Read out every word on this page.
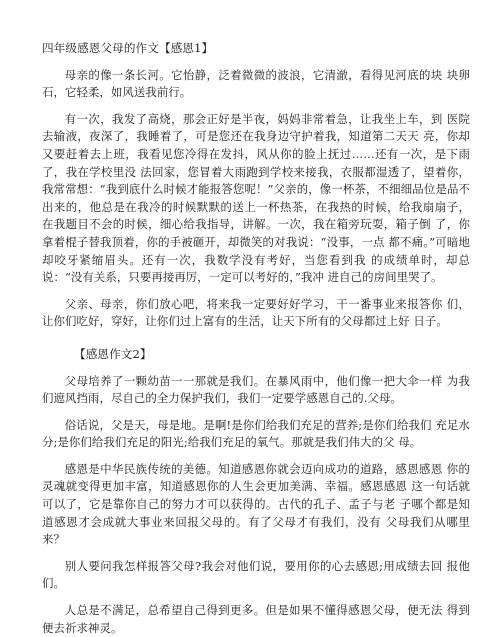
四年级感恩父母的作文【感恩1】

母亲的像一条长河。它怡静，泛着微微的波浪，它清澈，看得见河底的块 块卵石，它轻柔，如风送我前行。

有一次，我发了高烧，那会正好是半夜，妈妈非常着急，让我坐上车，到 医院去输液，夜深了，我睡着了，可是您还在我身边守护着我，知道第二天天 亮，你却又要赶着去上班，我看见您冷得在发抖，风从你的脸上抚过……还有一次，是下雨了，我在学校里没 法回家，您冒着大雨跑到学校来接我，衣服都湿透了，望着你，我常常想：“我到底什么时候才能报答您呢！”父亲的，像一杯茶，不细细品位是品不出来的，他总是在我冷的时候默默的送上一杯热茶，在我热的时候，给我扇扇子， 在我题目不会的时候，细心给我指导，讲解。一次，我在箱旁玩耍，箱子倒 了，你拿着棍子替我顶着，你的手被砸开，却微笑的对我说：“没事，一点 都不痛。”可暗地却咬牙紧缩眉头。还有一次，我数学没有考好，当您看到我 的成绩单时，却总说：“没有关系，只要再接再厉，一定可以考好的，”我冲 进自己的房间里哭了。

父亲、母亲，你们放心吧，将来我一定要好好学习，干一番事业来报答你 们，让你们吃好，穿好，让你们过上富有的生活，让天下所有的父母都过上好 日子。

【感恩作文2】

父母培养了一颗幼苗一一那就是我们。在暴风雨中，他们像一把大伞一样 为我们遮风挡雨，尽自己的全力保护我们，我们一定要学感恩自己的.父母。

俗话说，父是天，母是地。是啊!是你们给我们充足的营养;是你们给我们 充足水分;是你们给我们充足的阳光;给我们充足的氧气。那就是我们伟大的父 母。

感恩是中华民族传统的美德。知道感恩你就会迈向成功的道路，感恩感恩 你的灵魂就变得更加丰富，知道感恩你的人生会更加美满、幸福。感恩感恩 这一句话就可以了，它是靠你自己的努力才可以获得的。古代的孔子、孟子与老 子哪个都是知道感恩才会成就大事业来回报父母的。有了父母才有我们，没有 父母我们从哪里来？

别人要问我怎样报答父母?我会对他们说，要用你的心去感恩;用成绩去回 报他们。

人总是不满足，总希望自己得到更多。但是如果不懂得感恩父母，便无法 得到便去祈求神灵。
